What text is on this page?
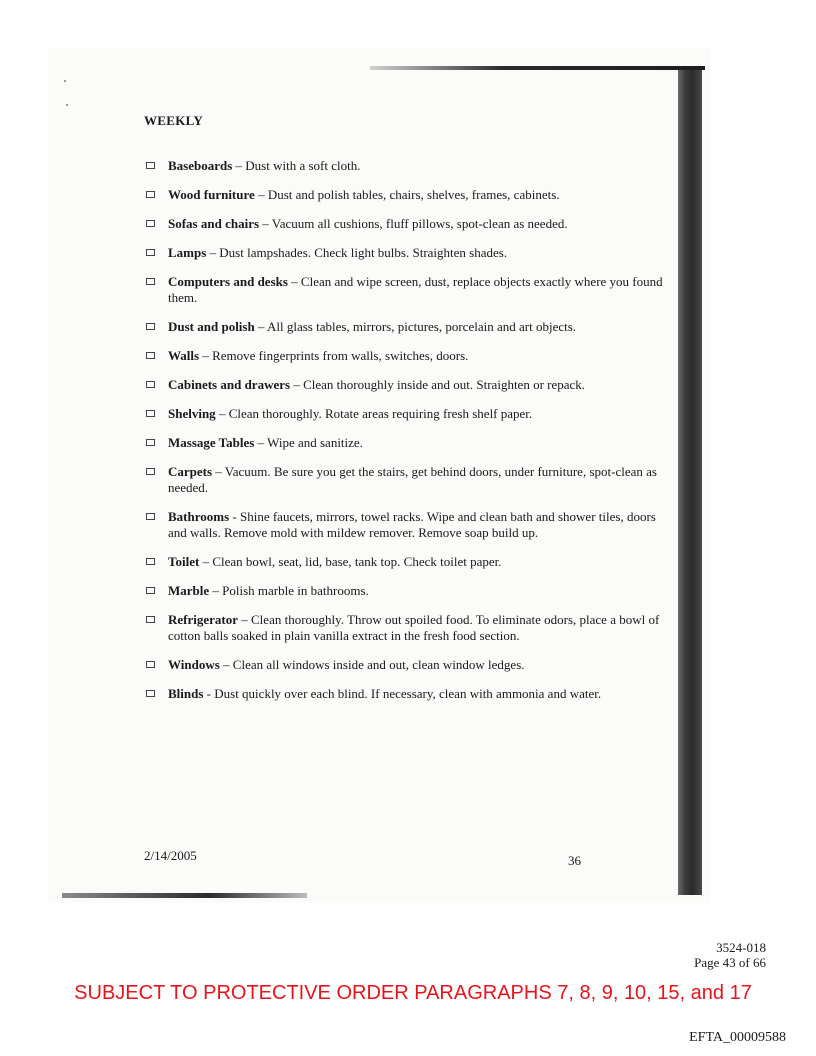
WEEKLY

Baseboards – Dust with a soft cloth.
Wood furniture – Dust and polish tables, chairs, shelves, frames, cabinets.
Sofas and chairs – Vacuum all cushions, fluff pillows, spot-clean as needed.
Lamps – Dust lampshades. Check light bulbs. Straighten shades.
Computers and desks – Clean and wipe screen, dust, replace objects exactly where you found them.
Dust and polish – All glass tables, mirrors, pictures, porcelain and art objects.
Walls – Remove fingerprints from walls, switches, doors.
Cabinets and drawers – Clean thoroughly inside and out. Straighten or repack.
Shelving – Clean thoroughly. Rotate areas requiring fresh shelf paper.
Massage Tables – Wipe and sanitize.
Carpets – Vacuum. Be sure you get the stairs, get behind doors, under furniture, spot-clean as needed.
Bathrooms - Shine faucets, mirrors, towel racks. Wipe and clean bath and shower tiles, doors and walls. Remove mold with mildew remover. Remove soap build up.
Toilet – Clean bowl, seat, lid, base, tank top. Check toilet paper.
Marble – Polish marble in bathrooms.
Refrigerator – Clean thoroughly. Throw out spoiled food. To eliminate odors, place a bowl of cotton balls soaked in plain vanilla extract in the fresh food section.
Windows – Clean all windows inside and out, clean window ledges.
Blinds - Dust quickly over each blind. If necessary, clean with ammonia and water.

2/14/2005	36

3524-018

Page 43 of 66

SUBJECT TO PROTECTIVE ORDER PARAGRAPHS 7, 8, 9, 10, 15, and 17

EFTA_00009588
